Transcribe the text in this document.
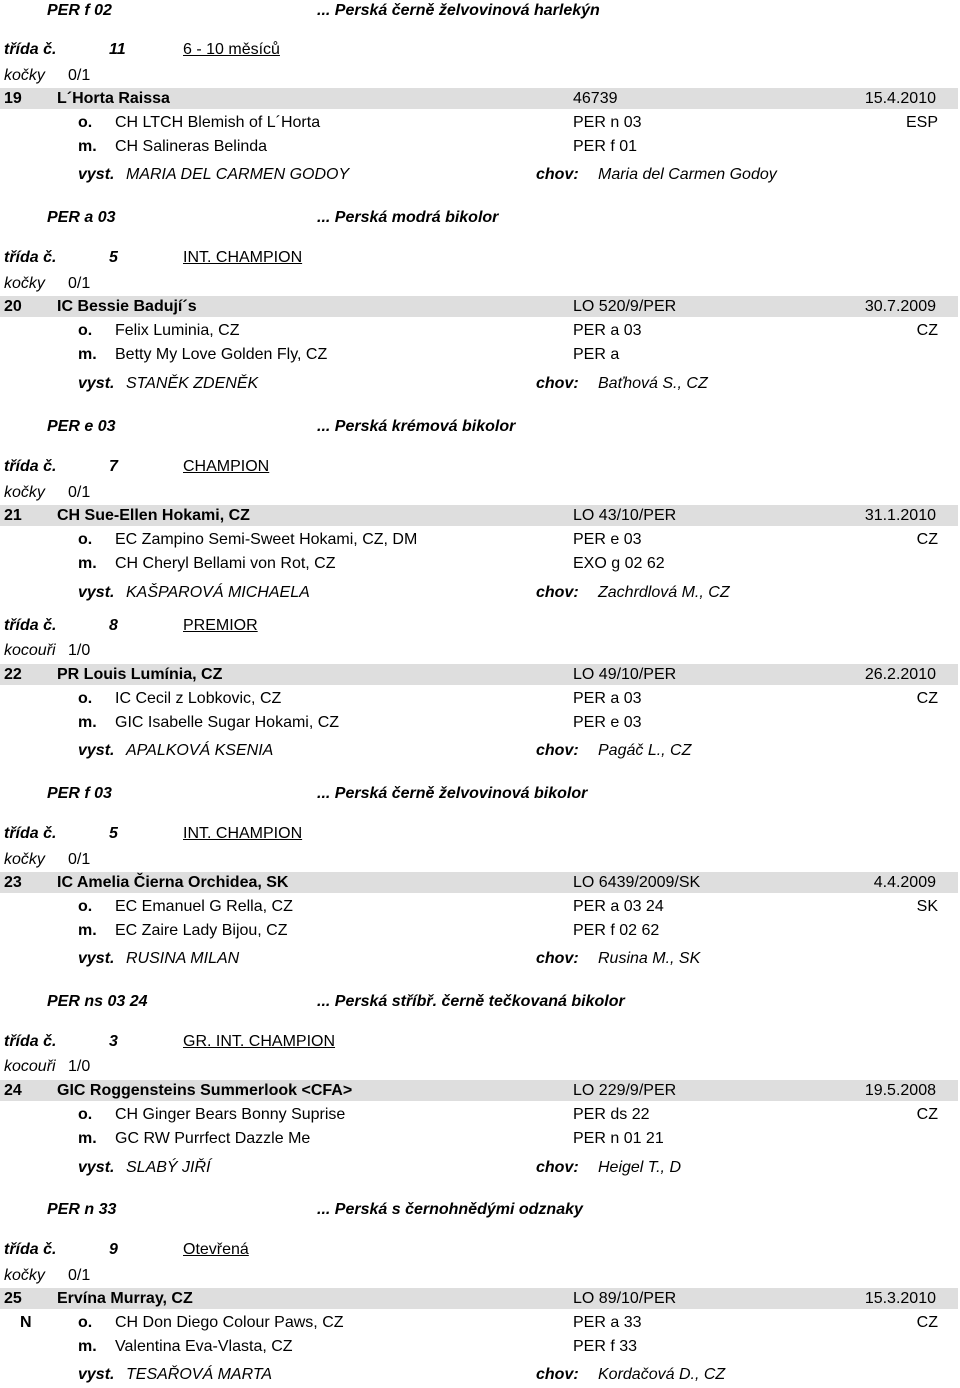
PER f 02	... Perská černě želvovinová harlekýn
třída č.	11	6 - 10 měsíců
kočky 0/1
19 L´Horta Raissa	46739	15.4.2010
o. CH LTCH Blemish of L´Horta	PER n 03	ESP
m. CH Salineras Belinda	PER f 01
vyst. MARIA DEL CARMEN GODOY	chov: Maria del Carmen Godoy
PER a 03	... Perská modrá bikolor
třída č.	5	INT. CHAMPION
kočky 0/1
20 IC Bessie Badují´s	LO 520/9/PER	30.7.2009
o. Felix Luminia, CZ	PER a 03	CZ
m. Betty My Love Golden Fly, CZ	PER a
vyst. STANĚK ZDENĚK	chov: Baťhová S., CZ
PER e 03	... Perská krémová bikolor
třída č.	7	CHAMPION
kočky 0/1
21 CH Sue-Ellen Hokami, CZ	LO 43/10/PER	31.1.2010
o. EC Zampino Semi-Sweet Hokami, CZ, DM	PER e 03	CZ
m. CH Cheryl Bellami von Rot, CZ	EXO g 02 62
vyst. KAŠPAROVÁ MICHAELA	chov: Zachrdlová M., CZ
třída č.	8	PREMIOR
kocouři 1/0
22 PR Louis Lumínia, CZ	LO 49/10/PER	26.2.2010
o. IC Cecil z Lobkovic, CZ	PER a 03	CZ
m. GIC Isabelle Sugar Hokami, CZ	PER e 03
vyst. APALKOVÁ KSENIA	chov: Pagáč L., CZ
PER f 03	... Perská černě želvovinová bikolor
třída č.	5	INT. CHAMPION
kočky 0/1
23 IC Amelia Čierna Orchidea, SK	LO 6439/2009/SK	4.4.2009
o. EC Emanuel G Rella, CZ	PER a 03 24	SK
m. EC Zaire Lady Bijou, CZ	PER f 02 62
vyst. RUSINA MILAN	chov: Rusina M., SK
PER ns 03 24	... Perská stříbř. černě tečkovaná bikolor
třída č.	3	GR. INT. CHAMPION
kocouři 1/0
24 GIC Roggensteins Summerlook <CFA>	LO 229/9/PER	19.5.2008
o. CH Ginger Bears Bonny Suprise	PER ds 22	CZ
m. GC RW Purrfect Dazzle Me	PER n 01 21
vyst. SLABÝ JIŘÍ	chov: Heigel T., D
PER n 33	... Perská s černohnědými odznaky
třída č.	9	Otevřená
kočky 0/1
25 Ervína Murray, CZ	LO 89/10/PER	15.3.2010
N	o. CH Don Diego Colour Paws, CZ	PER a 33	CZ
m. Valentina Eva-Vlasta, CZ	PER f 33
vyst. TESAŘOVÁ MARTA	chov: Kordačová D., CZ
